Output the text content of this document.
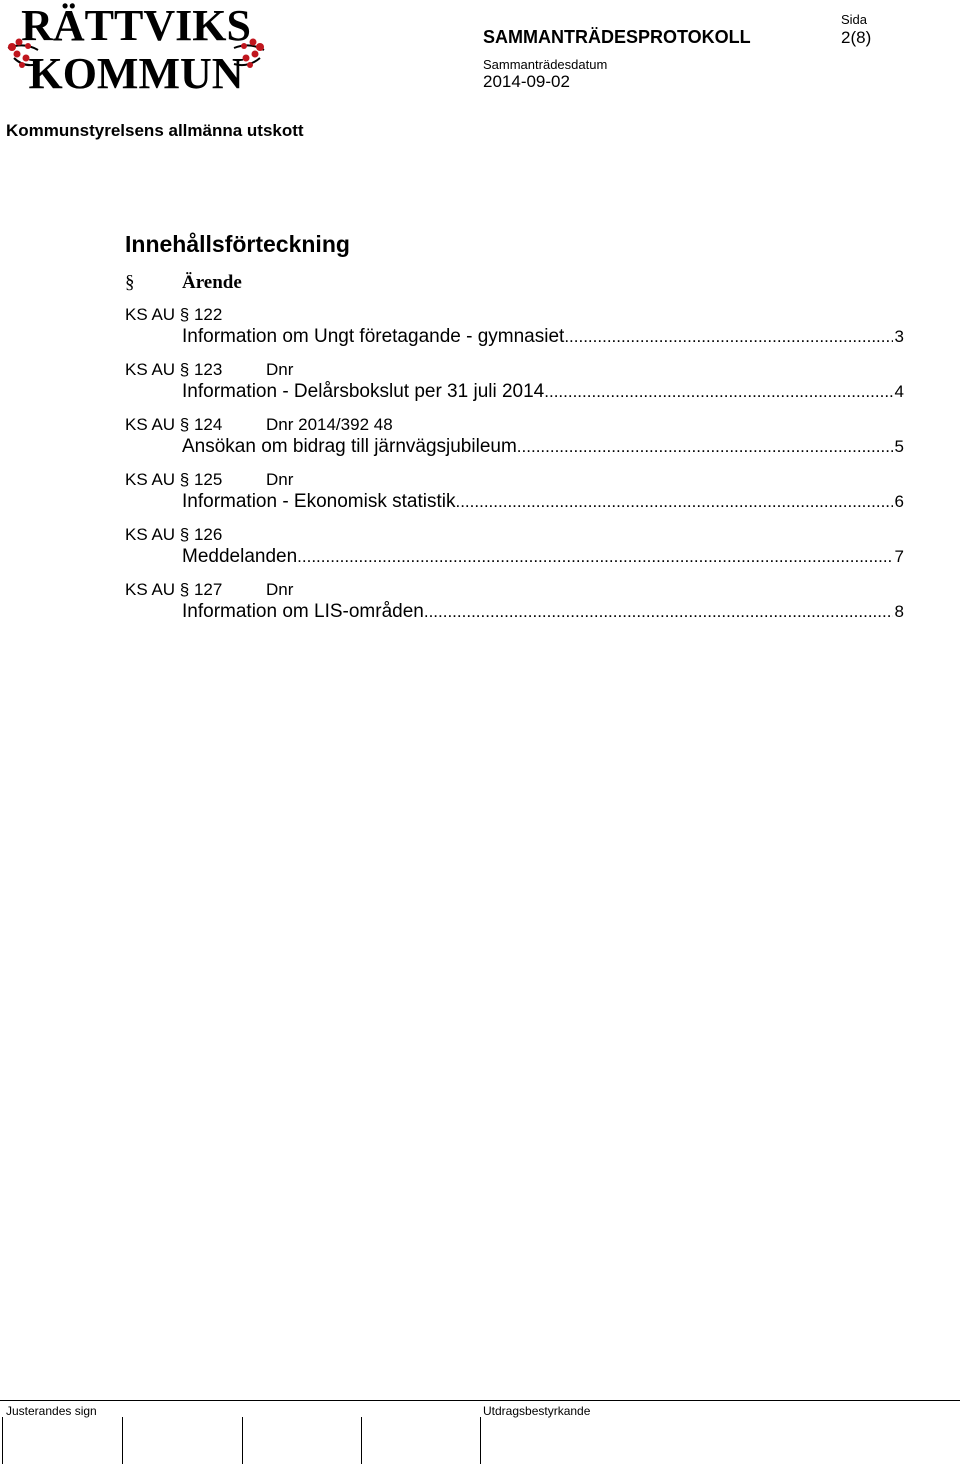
RÄTTVIKS
KOMMUN
SAMMANTRÄDESPROTOKOLL
Sida
2(8)
Sammanträdesdatum
2014-09-02
Kommunstyrelsens allmänna utskott
Innehållsförteckning
§	Ärende
KS AU § 122
Information om Ungt företagande - gymnasiet .....	3
KS AU § 123	Dnr
Information - Delårsbokslut per 31 juli 2014 .....	4
KS AU § 124	Dnr 2014/392 48
Ansökan om bidrag till järnvägsjubileum .....	5
KS AU § 125	Dnr
Information - Ekonomisk statistik .....	6
KS AU § 126
Meddelanden .....	7
KS AU § 127	Dnr
Information om LIS-områden .....	8
Justerandes sign	Utdragsbestyrkande
